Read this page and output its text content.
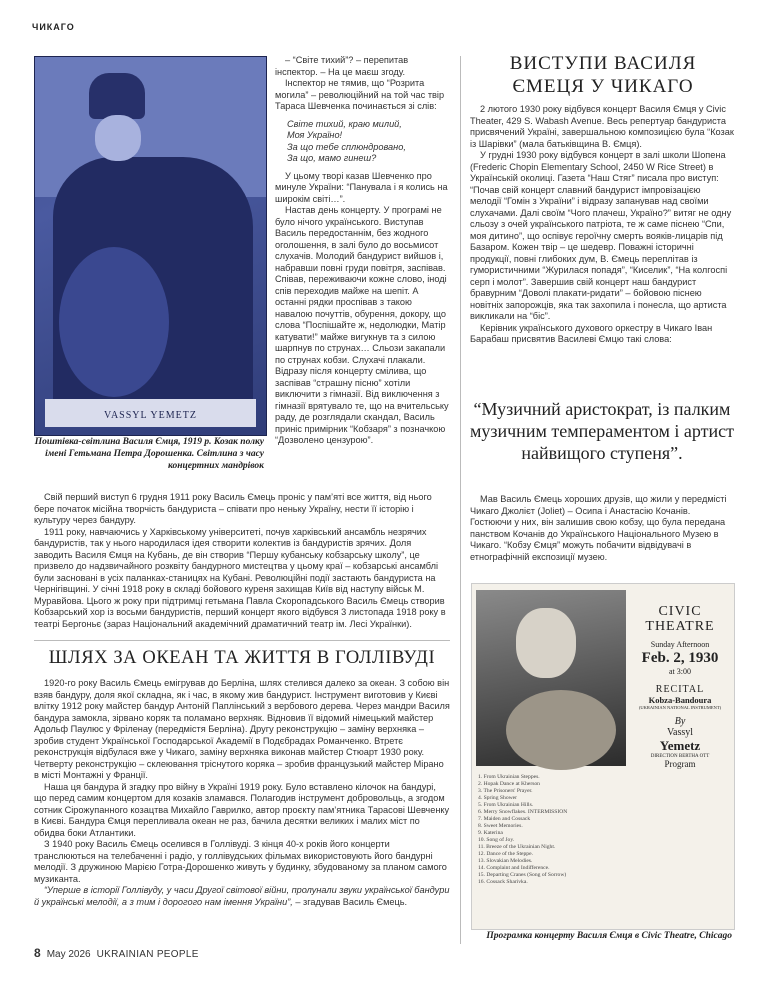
ЧИКАГО
VASSYL YEMETZ
Поштівка-світлина Василя Ємця, 1919 р. Козак полку імені Гетьмана Петра Дорошенка. Світлина з часу концертних мандрівок

– “Світе тихий”? – перепитав інспектор. – На це маєш згоду.

Інспектор не тямив, що “Розрита могила” – революційний на той час твір Тараса Шевченка починається зі слів:

Світе тихий, краю милий,
Моя Україно!
За що тебе сплюндровано,
За що, мамо гинеш?

У цьому творі казав Шевченко про минуле України: “Панувала і я колись на широкім світі…”.

Настав день концерту. У програмі не було нічого українського. Виступав Василь передостаннім, без жодного оголошення, в залі було до восьмисот слухачів. Молодий бандурист вийшов і, набравши повні груди повітря, заспівав. Співав, переживаючи кожне слово, іноді спів переходив майже на шепіт. А останні рядки проспівав з такою навалою почуттів, обурення, докору, що слова “Поспішайте ж, недолюдки, Матір катувати!” майже вигукнув та з силою шарпнув по струнах… Сльози закапали по струнах кобзи. Слухачі плакали. Відразу після концерту смілива, що заспівав “страшну пісню” хотіли виключити з гімназії. Від виключення з гімназії врятувало те, що на вчительську раду, де розглядали скандал, Василь приніс примірник “Кобзаря” з позначкою “Дозволено цензурою”.

ВИСТУПИ ВАСИЛЯ ЄМЕЦЯ У ЧИКАГО

2 лютого 1930 року відбувся концерт Василя Ємця у Civic Theater, 429 S. Wabash Avenue. Весь репертуар бандуриста присвячений Україні, завершальною композицією була “Козак із Шарівки” (мала батьківщина В. Ємця).

У грудні 1930 року відбувся концерт в залі школи Шопена (Frederic Chopin Elementary School, 2450 W Rice Street) в Українській околиці. Газета “Наш Стяг” писала про виступ: “Почав свій концерт славний бандурист імпровізацією мелодії “Гомін з України” і відразу запанував над своїми слухачами. Далі своїм “Чого плачеш, Україно?” витяг не одну сльозу з очей українського патріота, те ж саме піснею “Спи, моя дитино”, що оспівує героїчну смерть вояків-лицарів під Базаром. Кожен твір – це шедевр. Поважні історичні продукції, повні глибоких дум, В. Ємець переплітав із гумористичними “Журилася попадя”, “Киселик”, “На колгоспі серп і молот”. Завершив свій концерт наш бандурист бравурним “Доволі плакати-ридати” – бойовою піснею новітніх запорожців, яка так захопила і понесла, що артиста викликали на “біс”.

Керівник українського духового оркестру в Чикаго Іван Барабаш присвятив Василеві Ємцю такі слова:

“Музичний аристократ, із палким музичним темпераментом і артист найвищого ступеня”.

Мав Василь Ємець хороших друзів, що жили у передмісті Чикаго Джолієт (Joliet) – Осипа і Анастасію Кочанів. Гостюючи у них, він залишив свою кобзу, що була передана панством Кочанів до Українського Національного Музею в Чикаго. “Кобзу Ємця” можуть побачити відвідувачі в етнографічній експозиції музею.

Свій перший виступ 6 грудня 1911 року Василь Ємець проніс у пам’яті все життя, від нього бере початок місійна творчість бандуриста – співати про неньку Україну, нести її історію і культуру через бандуру.

1911 року, навчаючись у Харківському університеті, почув харківський ансамбль незрячих бандуристів, так у нього народилася ідея створити колектив із бандуристів зрячих. Доля заводить Василя Ємця на Кубань, де він створив “Першу кубанську кобзарську школу”, це призвело до надзвичайного розквіту бандурного мистецтва у цьому краї – кобзарські ансамблі були засновані в усіх паланках-станицях на Кубані. Революційні події застають бандуриста на Чернігівщині. У січні 1918 року в складі бойового куреня захищав Київ від наступу військ М. Муравйова. Цього ж року при підтримці гетьмана Павла Скоропадського Василь Ємець створив Кобзарський хор із восьми бандуристів, перший концерт якого відбувся 3 листопада 1918 року в театрі Бергоньє (зараз Національний академічний драматичний театр ім. Лесі Українки).

ШЛЯХ ЗА ОКЕАН ТА ЖИТТЯ В ГОЛЛІВУДІ

1920-го року Василь Ємець емігрував до Берліна, шлях стелився далеко за океан. З собою він взяв бандуру, доля якої складна, як і час, в якому жив бандурист. Інструмент виготовив у Києві влітку 1912 року майстер бандур Антоній Паплінський з вербового дерева. Через мандри Василя бандура замокла, зірвано коряк та поламано верхняк. Відновив її відомий німецький майстер Адольф Паулюс у Фріленау (передмістя Берліна). Другу реконструкцію – заміну верхняка – зробив студент Української Господарської Академії в Подєбрадах Романченко. Втретє реконструкція відбулася вже у Чикаго, заміну верхняка виконав майстер Стюарт 1930 року. Четверту реконструкцію – склеювання тріснутого коряка – зробив французький майстер Мірано в місті Монтажні у Франції.

Наша ця бандура й згадку про війну в Україні 1919 року. Було вставлено кілочок на бандурі, що перед самим концертом для козаків зламався. Полагодив інструмент добровольць, а згодом сотник Сірожупанного козацтва Михайло Гаврилко, автор проєкту пам’ятника Тарасові Шевченку в Києві. Бандура Ємця перепливала океан не раз, бачила десятки великих і малих міст по обидва боки Атлантики.

З 1940 року Василь Ємець оселився в Голлівуді. З кінця 40-х років його концерти транслюються на телебаченні і радіо, у голлівудських фільмах використовують його бандурні мелодії. З дружиною Марією Готра-Дорошенко живуть у будинку, збудованому за планом самого музиканта.

“Упершe в історії Голлівуду, у часи Другої світової війни, пролунали звуки української бандури й українські мелодії, а з тим і дорогого нам імення України”, – згадував Василь Ємець.

CIVIC THEATRE
Sunday Afternoon
Feb. 2, 1930
at 3:00
RECITAL
Kobza-Bandoura
(UKRAINIAN NATIONAL INSTRUMENT)
By
Vassyl
Yemetz
DIRECTION BERTHA OTT
Program
1. From Ukrainian Steppes.
2. Hopak Dance at Kherson
3. The Prisoners' Prayer.
4. Spring Shower
5. From Ukrainian Hills.
6. Merry Snowflakes. INTERMISSION
7. Maiden and Cossack
8. Sweet Memories.
9. Katerina
10. Song of Joy.
11. Breeze of the Ukrainian Night.
12. Dance of the Steppe.
13. Slovakian Melodies.
14. Complaint and Indifference.
15. Departing Cranes (Song of Sorrow)
16. Cossack Sharivka.
Програмка концерту Василя Ємця в Civic Theatre, Chicago
8 May 2026 UKRAINIAN PEOPLE
